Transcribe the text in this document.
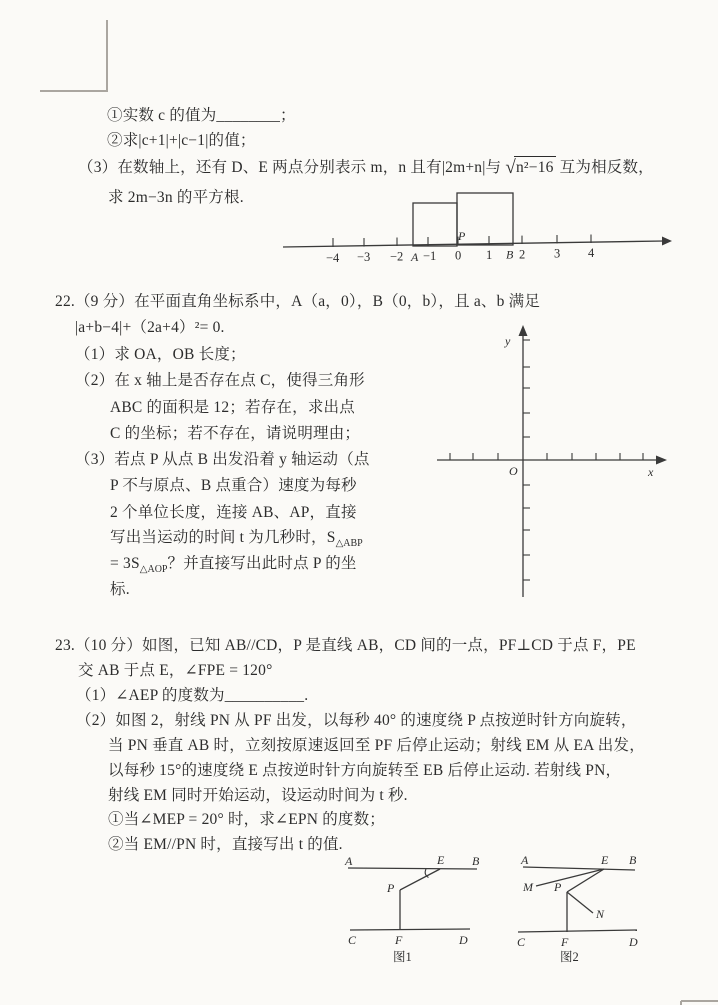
①实数 c 的值为________；
②求|c+1|+|c−1|的值；
（3）在数轴上，还有 D、E 两点分别表示 m，n 且有|2m+n|与 √n²−16 互为相反数，
求 2m−3n 的平方根.
−4 −3 −2 A −1 0 1 B 2 3 4
P
22.（9 分）在平面直角坐标系中，A（a，0），B（0，b），且 a、b 满足
|a+b−4|+（2a+4）²= 0.
（1）求 OA，OB 长度；
（2）在 x 轴上是否存在点 C，使得三角形
ABC 的面积是 12；若存在，求出点
C 的坐标；若不存在，请说明理由；
（3）若点 P 从点 B 出发沿着 y 轴运动（点
P 不与原点、B 点重合）速度为每秒
2 个单位长度，连接 AB、AP，直接
写出当运动的时间 t 为几秒时，$S_{\triangle ABP}$
= $3S_{\triangle AOP}$？并直接写出此时点 P 的坐
标.
y
x
O
23.（10 分）如图，已知 AB//CD，P 是直线 AB，CD 间的一点，PF⊥CD 于点 F，PE
交 AB 于点 E，∠FPE = 120°
（1）∠AEP 的度数为__________.
（2）如图 2，射线 PN 从 PF 出发，以每秒 40° 的速度绕 P 点按逆时针方向旋转，
当 PN 垂直 AB 时，立刻按原速返回至 PF 后停止运动；射线 EM 从 EA 出发，
以每秒 15°的速度绕 E 点按逆时针方向旋转至 EB 后停止运动. 若射线 PN，
射线 EM 同时开始运动，设运动时间为 t 秒.
①当∠MEP = 20° 时，求∠EPN 的度数；
②当 EM//PN 时，直接写出 t 的值.
A	E B
P
C	F	D
图1
A	E B
M P
N
C	F	D
图2
